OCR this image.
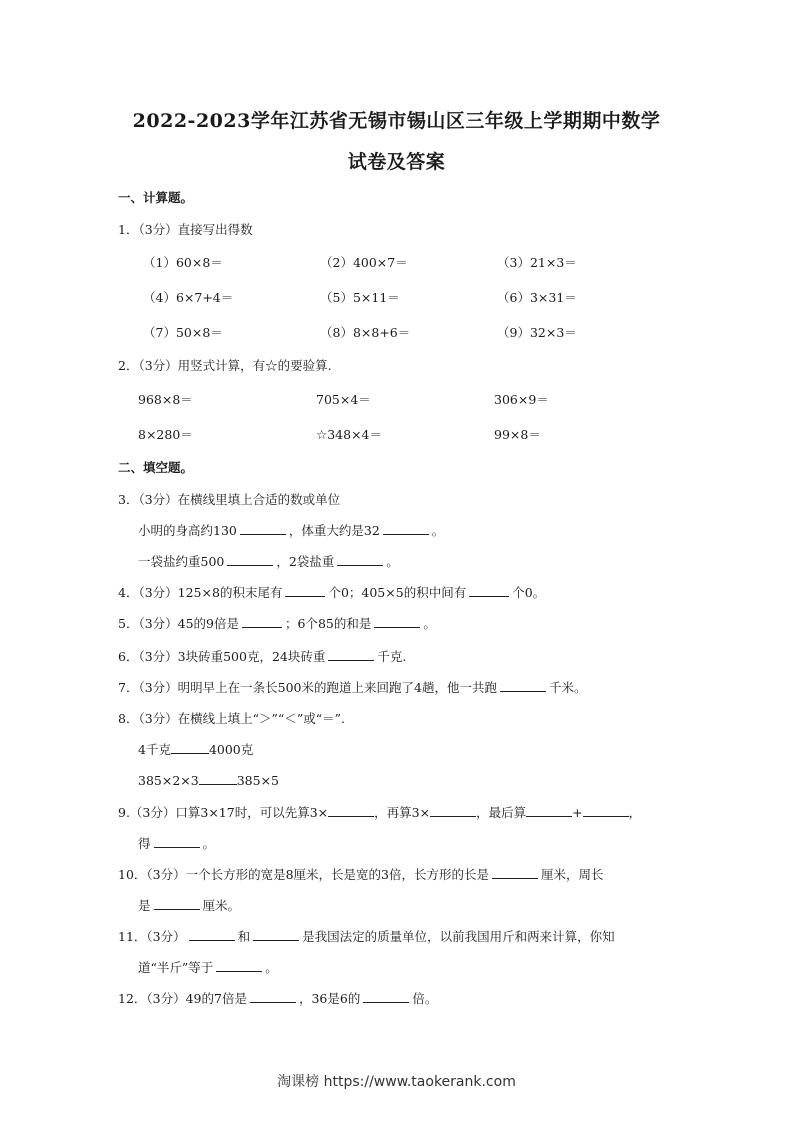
2022-2023学年江苏省无锡市锡山区三年级上学期期中数学
试卷及答案
一、计算题。
1．（3分）直接写出得数
（1）60×8＝	（2）400×7＝	（3）21×3＝
（4）6×7+4＝	（5）5×11＝	（6）3×31＝
（7）50×8＝	（8）8×8+6＝	（9）32×3＝
2．（3分）用竖式计算，有☆的要验算.
968×8＝	705×4＝	306×9＝
8×280＝	☆348×4＝	99×8＝
二、填空题。
3．（3分）在横线里填上合适的数或单位
小明的身高约130	，体重大约是32	。
一袋盐约重500	，2袋盐重	。
4．（3分）125×8的积末尾有	个0；405×5的积中间有	个0。
5．（3分）45的9倍是	；6个85的和是	。
6．（3分）3块砖重500克，24块砖重	千克.
7．（3分）明明早上在一条长500米的跑道上来回跑了4趟，他一共跑	千米。
8．（3分）在横线上填上“＞”“＜”或“＝”.
4千克	4000克
385×2×3	385×5
9.（3分）口算3×17时，可以先算3×	，再算3×	，最后算	+	，
得	。
10．（3分）一个长方形的宽是8厘米，长是宽的3倍，长方形的长是	厘米，周长
是	厘米。
11．（3分）	和	是我国法定的质量单位，以前我国用斤和两来计算，你知
道“半斤”等于	。
12．（3分）49的7倍是	，36是6的	倍。
淘课榜 https://www.taokerank.com
